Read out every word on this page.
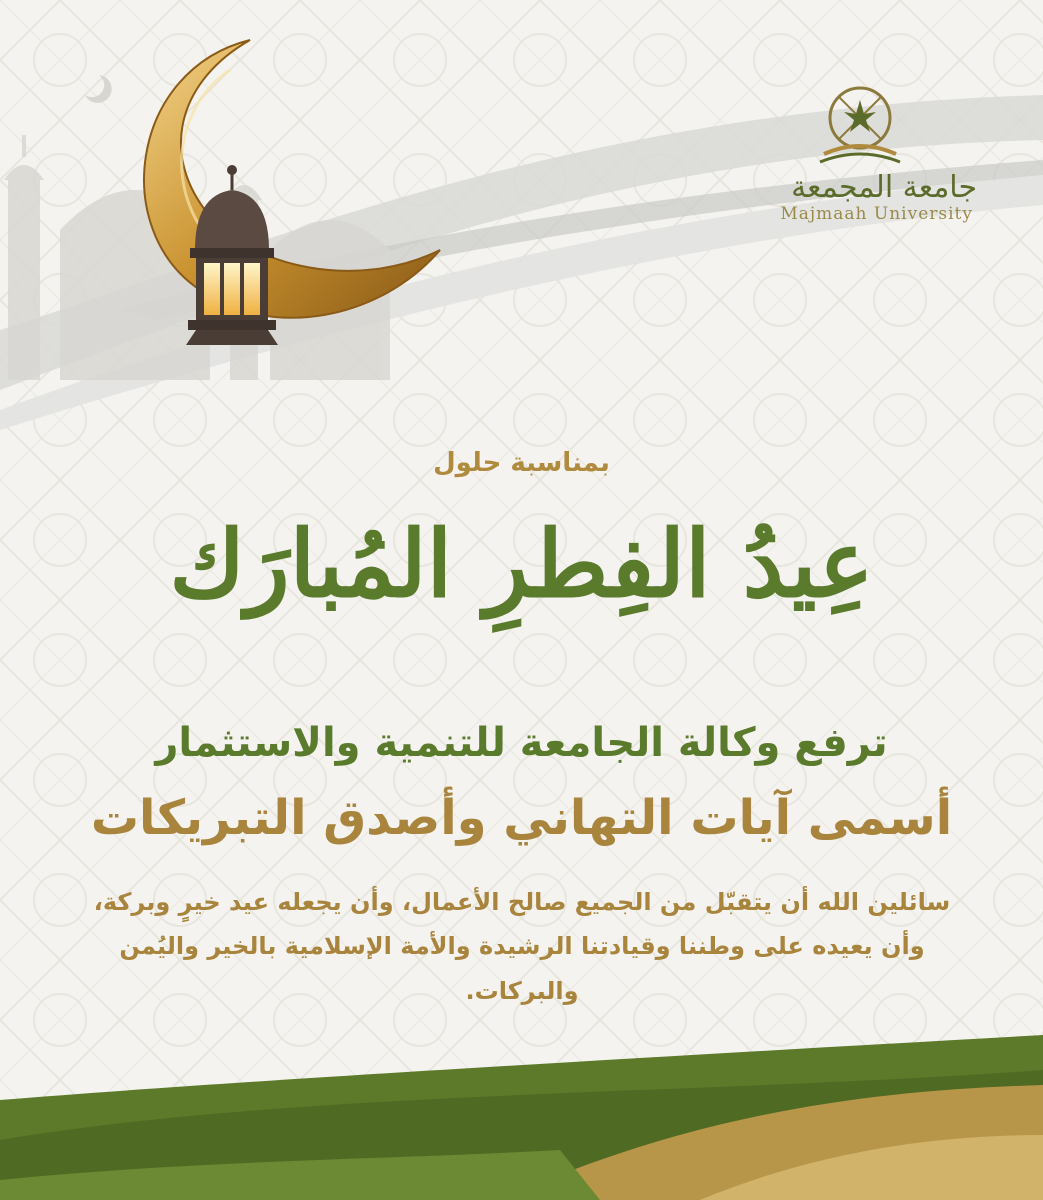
جامعة المجمعة
Majmaah University
بمناسبة حلول
عِيدُ الفِطرِ المُبارَك
ترفع وكالة الجامعة للتنمية والاستثمار
أسمى آيات التهاني وأصدق التبريكات
سائلين الله أن يتقبّل من الجميع صالح الأعمال، وأن يجعله عيد خيرٍ وبركة، وأن يعيده على وطننا وقيادتنا الرشيدة والأمة الإسلامية بالخير واليُمن والبركات.
